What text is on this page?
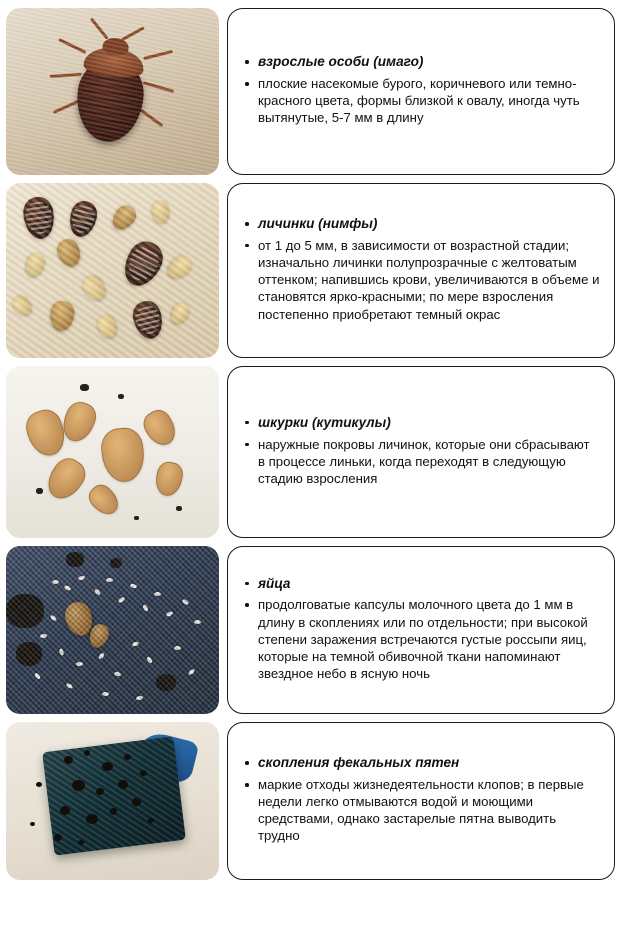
взрослые особи (имаго)
плоские насекомые бурого, коричневого или темно-красного цвета, формы близкой к овалу, иногда чуть вытянутые, 5-7 мм в длину
личинки (нимфы)
от 1 до 5 мм, в зависимости от возрастной стадии; изначально личинки полупрозрачные с желтоватым оттенком; напившись крови, увеличиваются в объеме и становятся ярко-красными; по мере взросления постепенно приобретают темный окрас
шкурки (кутикулы)
наружные покровы личинок, которые они сбрасывают в процессе линьки, когда переходят в следующую стадию взросления
яйца
продолговатые капсулы молочного цвета до 1 мм в длину в скоплениях или по отдельности; при высокой степени заражения встречаются густые россыпи яиц, которые на темной обивочной ткани напоминают звездное небо в ясную ночь
скопления фекальных пятен
маркие отходы жизнедеятельности клопов; в первые недели легко отмываются водой и моющими средствами, однако застарелые пятна выводить трудно
